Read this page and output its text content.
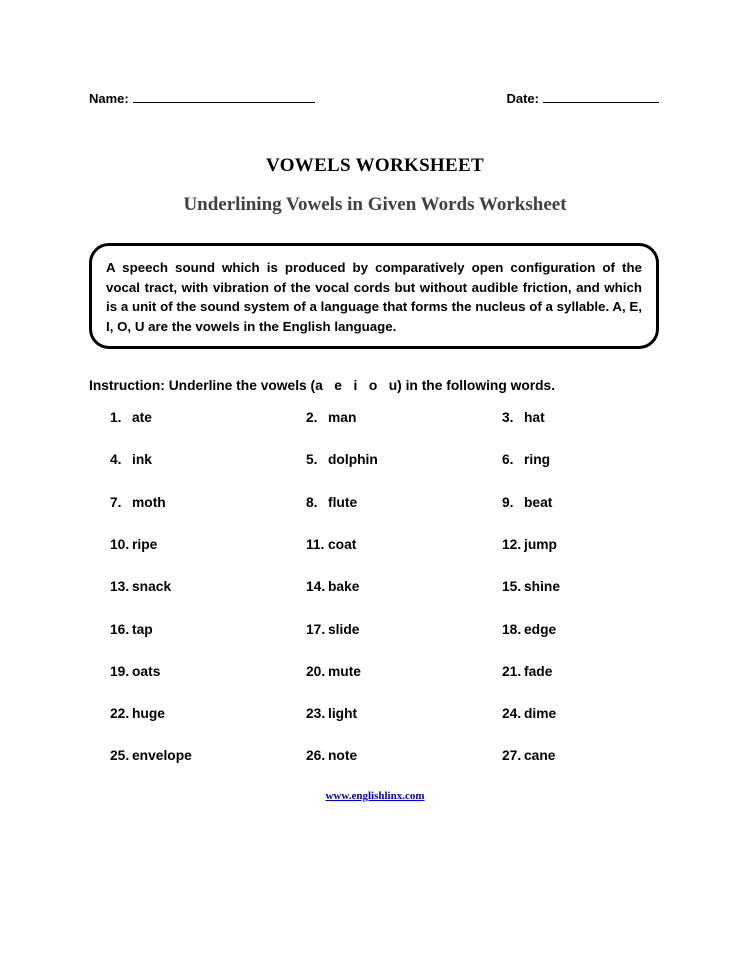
Name:	Date:
VOWELS WORKSHEET
Underlining Vowels in Given Words Worksheet
A speech sound which is produced by comparatively open configuration of the vocal tract, with vibration of the vocal cords but without audible friction, and which is a unit of the sound system of a language that forms the nucleus of a syllable. A, E, I, O, U are the vowels in the English language.
Instruction: Underline the vowels (a   e   i   o   u) in the following words.
1. ate	2. man	3. hat
4. ink	5. dolphin	6. ring
7. moth	8. flute	9. beat
10. ripe	11. coat	12. jump
13. snack	14. bake	15. shine
16. tap	17. slide	18. edge
19. oats	20. mute	21. fade
22. huge	23. light	24. dime
25. envelope	26. note	27. cane
www.englishlinx.com
